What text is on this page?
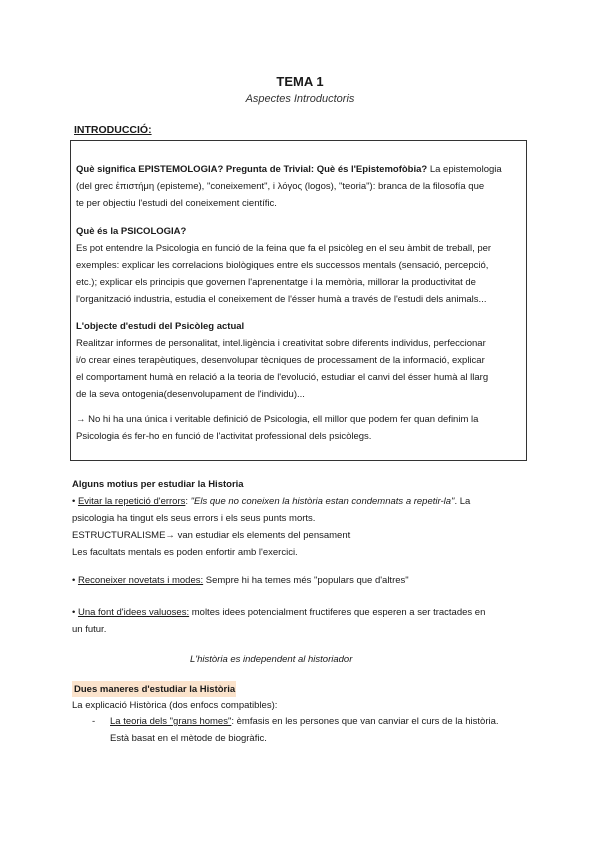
TEMA 1
Aspectes Introductoris
INTRODUCCIÓ:
Què significa EPISTEMOLOGIA? Pregunta de Trivial: Què és l'Epistemofòbia? La epistemologia
(del grec ἐπιστήμη (episteme), "coneixement", i λόγος (logos), "teoria"): branca de la filosofía que
te per objectiu l'estudi del coneixement científic.
Què és la PSICOLOGIA?
Es pot entendre la Psicologia en funció de la feina que fa el psicòleg en el seu àmbit de treball, per
exemples: explicar les correlacions biològiques entre els successos mentals (sensació, percepció,
etc.); explicar els principis que governen l'aprenentatge i la memòria, millorar la productivitat de
l'organització industria, estudia el coneixement de l'ésser humà a través de l'estudi dels animals...
L'objecte d'estudi del Psicòleg actual
Realitzar informes de personalitat, intel.ligència i creativitat sobre diferents individus, perfeccionar
i/o crear eines terapèutiques, desenvolupar tècniques de processament de la informació, explicar
el comportament humà en relació a la teoria de l'evolució, estudiar el canvi del ésser humà al llarg
de la seva ontogenia(desenvolupament de l'individu)...
→ No hi ha una única i veritable definició de Psicologia, ell millor que podem fer quan definim la
Psicologia és fer-ho en funció de l'activitat professional dels psicòlegs.
Alguns motius per estudiar la Historia
• Evitar la repetició d'errors: "Els que no coneixen la història estan condemnats a repetir-la". La
psicologia ha tingut els seus errors i els seus punts morts.
ESTRUCTURALISME→ van estudiar els elements del pensament
Les facultats mentals es poden enfortir amb l'exercici.
• Reconeixer novetats i modes: Sempre hi ha temes més "populars que d'altres"
• Una font d'idees valuoses: moltes idees potencialment fructiferes que esperen a ser tractades en
un futur.
L'història es independent al historiador
Dues maneres d'estudiar la Història
La explicació Històrica (dos enfocs compatibles):
- La teoria dels "grans homes": èmfasis en les persones que van canviar el curs de la història.
Està basat en el mètode de biogràfic.
